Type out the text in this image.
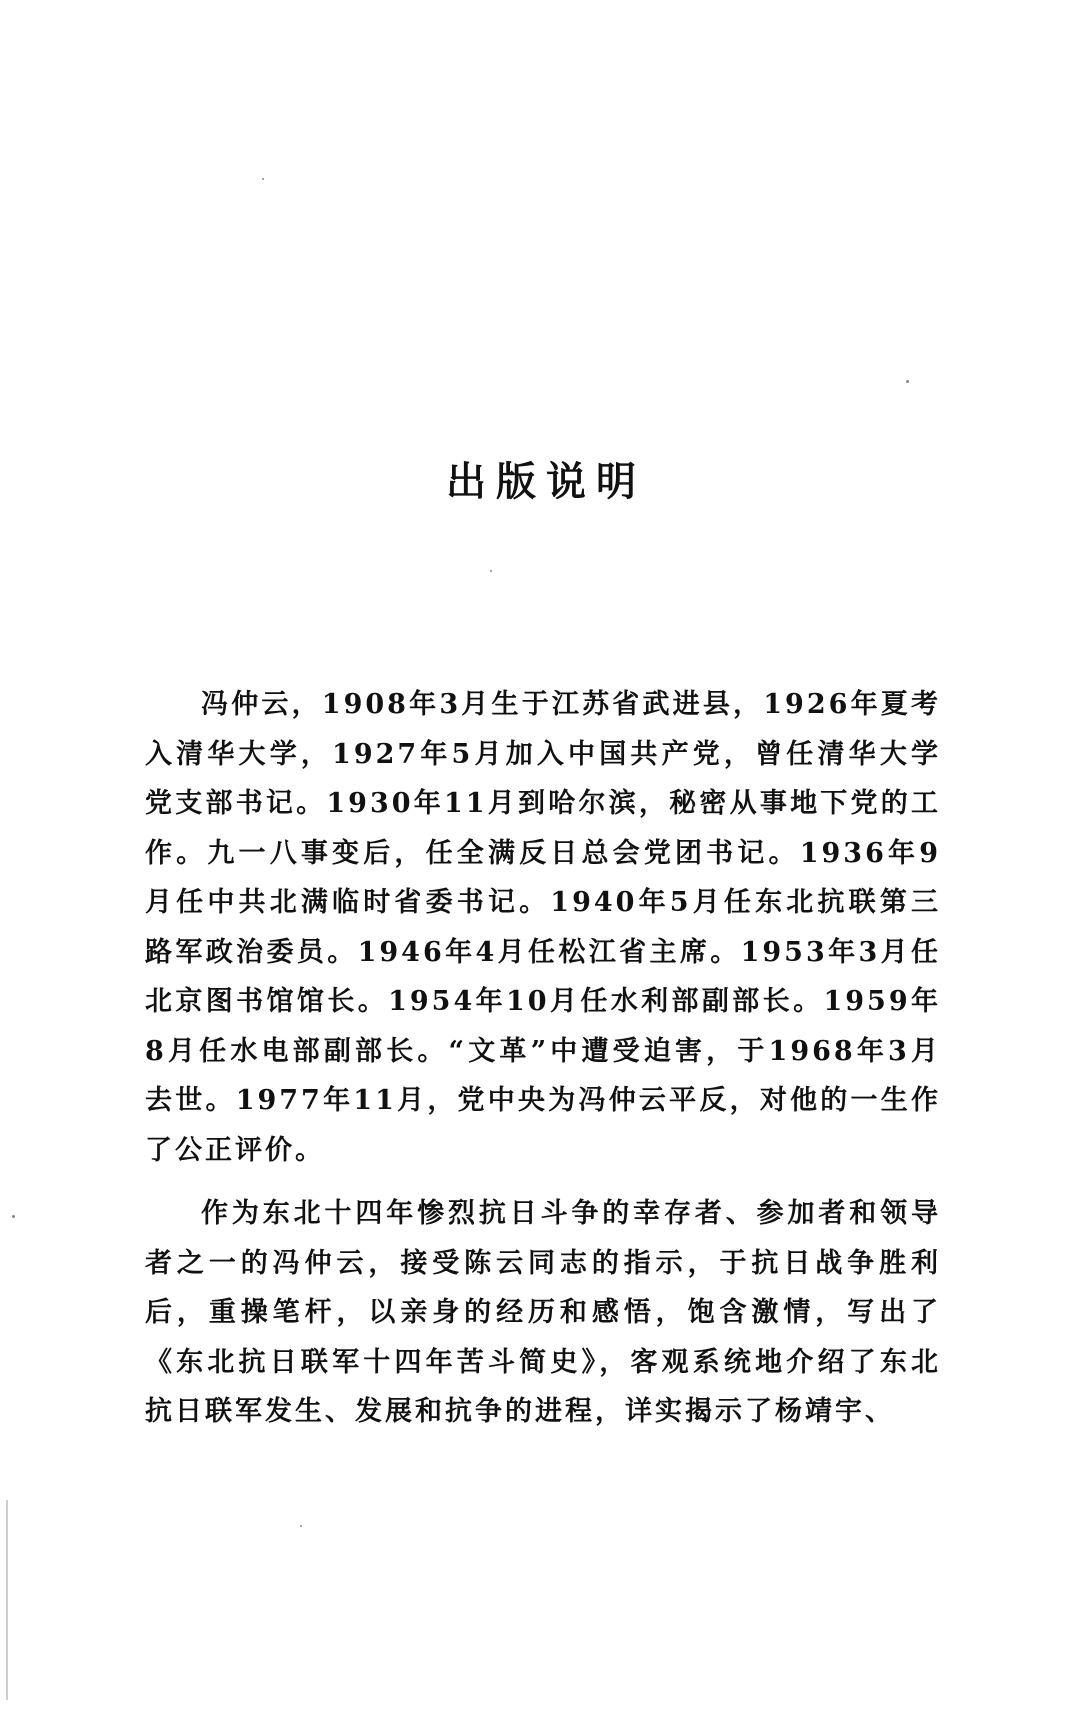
出版说明

冯仲云，1908年3月生于江苏省武进县，1926年夏考入清华大学，1927年5月加入中国共产党，曾任清华大学党支部书记。1930年11月到哈尔滨，秘密从事地下党的工作。九一八事变后，任全满反日总会党团书记。1936年9月任中共北满临时省委书记。1940年5月任东北抗联第三路军政治委员。1946年4月任松江省主席。1953年3月任北京图书馆馆长。1954年10月任水利部副部长。1959年8月任水电部副部长。“文革”中遭受迫害，于1968年3月去世。1977年11月，党中央为冯仲云平反，对他的一生作了公正评价。

作为东北十四年惨烈抗日斗争的幸存者、参加者和领导者之一的冯仲云，接受陈云同志的指示，于抗日战争胜利后，重操笔杆，以亲身的经历和感悟，饱含激情，写出了《东北抗日联军十四年苦斗简史》，客观系统地介绍了东北抗日联军发生、发展和抗争的进程，详实揭示了杨靖宇、
